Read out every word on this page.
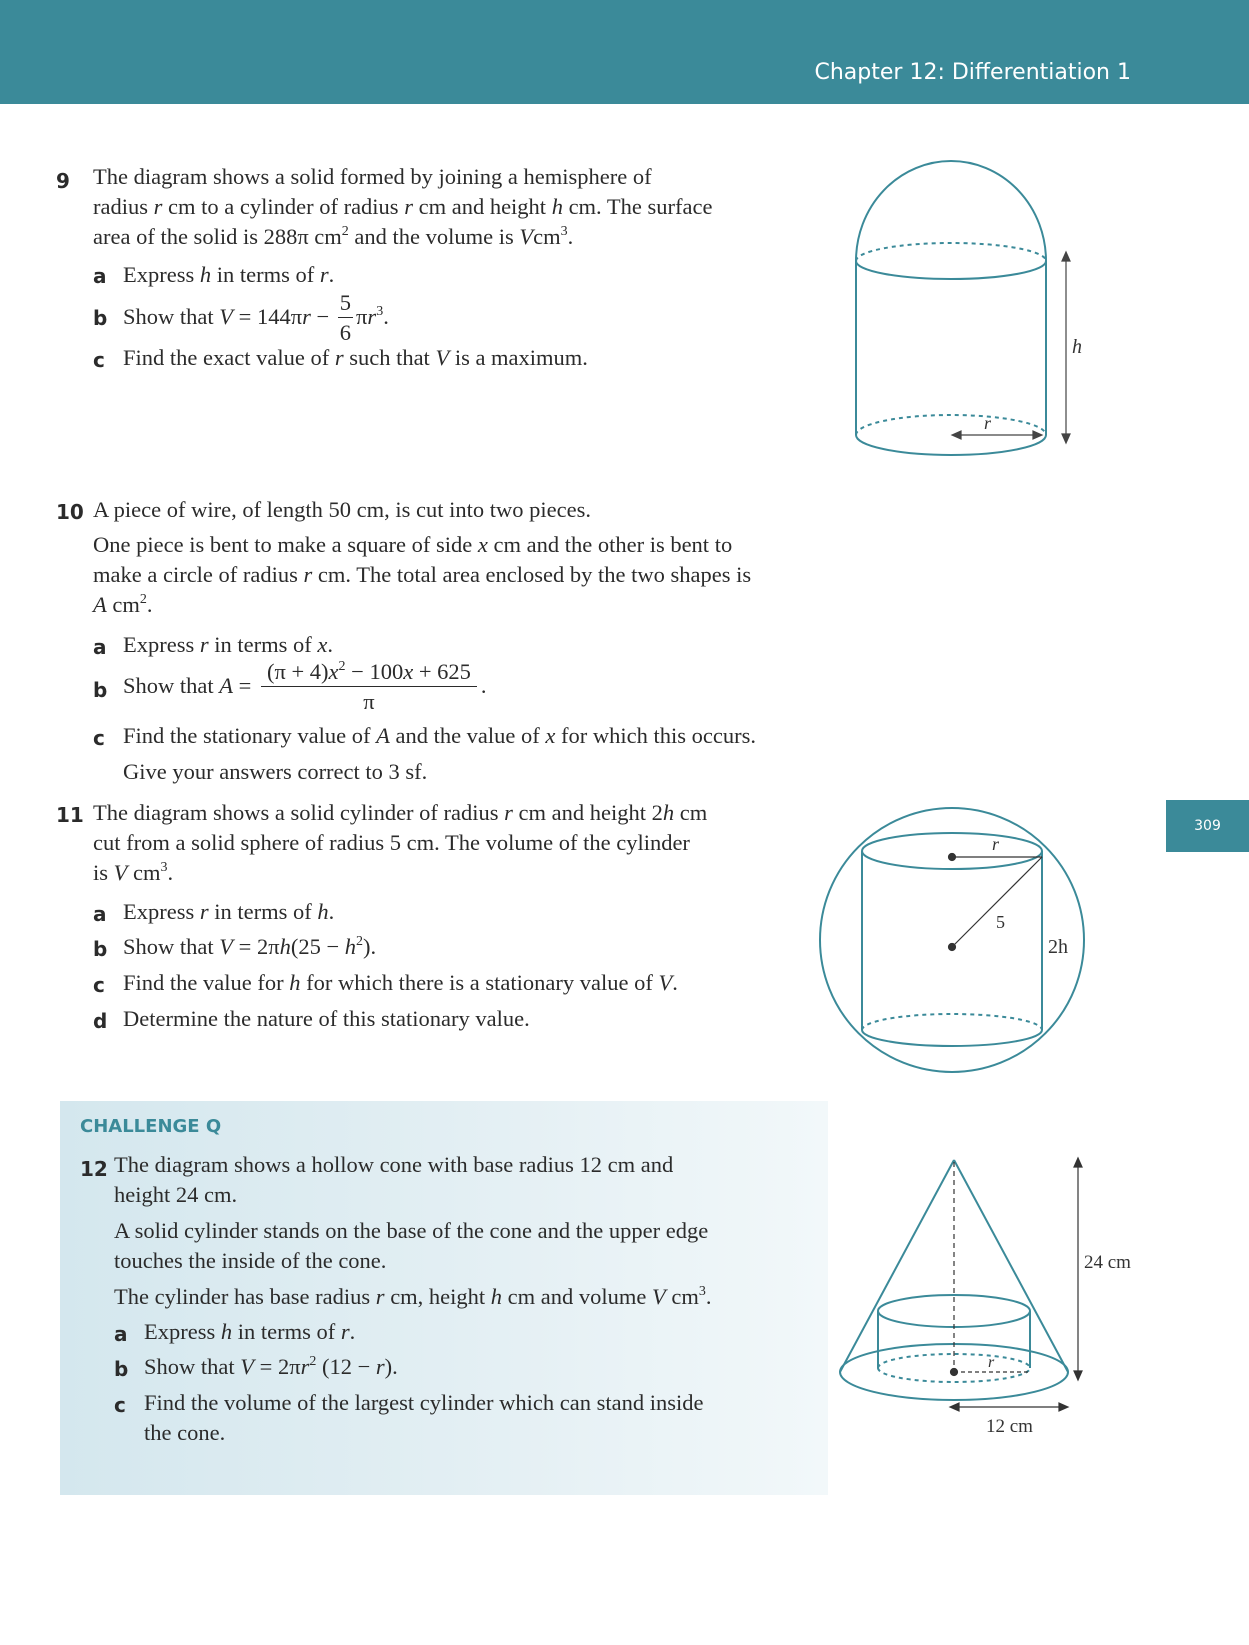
Chapter 12: Differentiation 1
309
9 The diagram shows a solid formed by joining a hemisphere of
radius r cm to a cylinder of radius r cm and height h cm. The surface
area of the solid is 288π $cm^2$ and the volume is Vcm$^3$.
a Express h in terms of r.
b Show that $V = 144\pi r - \frac{5}{6} \pi r^3$.
c Find the exact value of r such that V is a maximum.	h
r
10 A piece of wire, of length 50 cm, is cut into two pieces.
One piece is bent to make a square of side x cm and the other is bent to
make a circle of radius r cm. The total area enclosed by the two shapes is
A $cm^2$.
a Express r in terms of x.
b Show that $A = \frac{(\pi + 4)x^2 - 100x + 625}{\pi}$ .
c Find the stationary value of A and the value of x for which this occurs.
Give your answers correct to 3 sf.
11 The diagram shows a solid cylinder of radius r cm and height 2h cm
cut from a solid sphere of radius 5 cm. The volume of the cylinder
is V $cm^3$.
a Express r in terms of h.
b Show that $V = 2\pi h(25 - h^2)$.
c Find the value for h for which there is a stationary value of V.
d Determine the nature of this stationary value.
r
5
2h
CHALLENGE Q
12 The diagram shows a hollow cone with base radius 12 cm and
height 24 cm.
A solid cylinder stands on the base of the cone and the upper edge
touches the inside of the cone.
The cylinder has base radius r cm, height h cm and volume V $cm^3$.
a Express h in terms of r.
b Show that $V = 2\pi r^2$ (12 − r).
c Find the volume of the largest cylinder which can stand inside
the cone.
r
24 cm
12 cm
